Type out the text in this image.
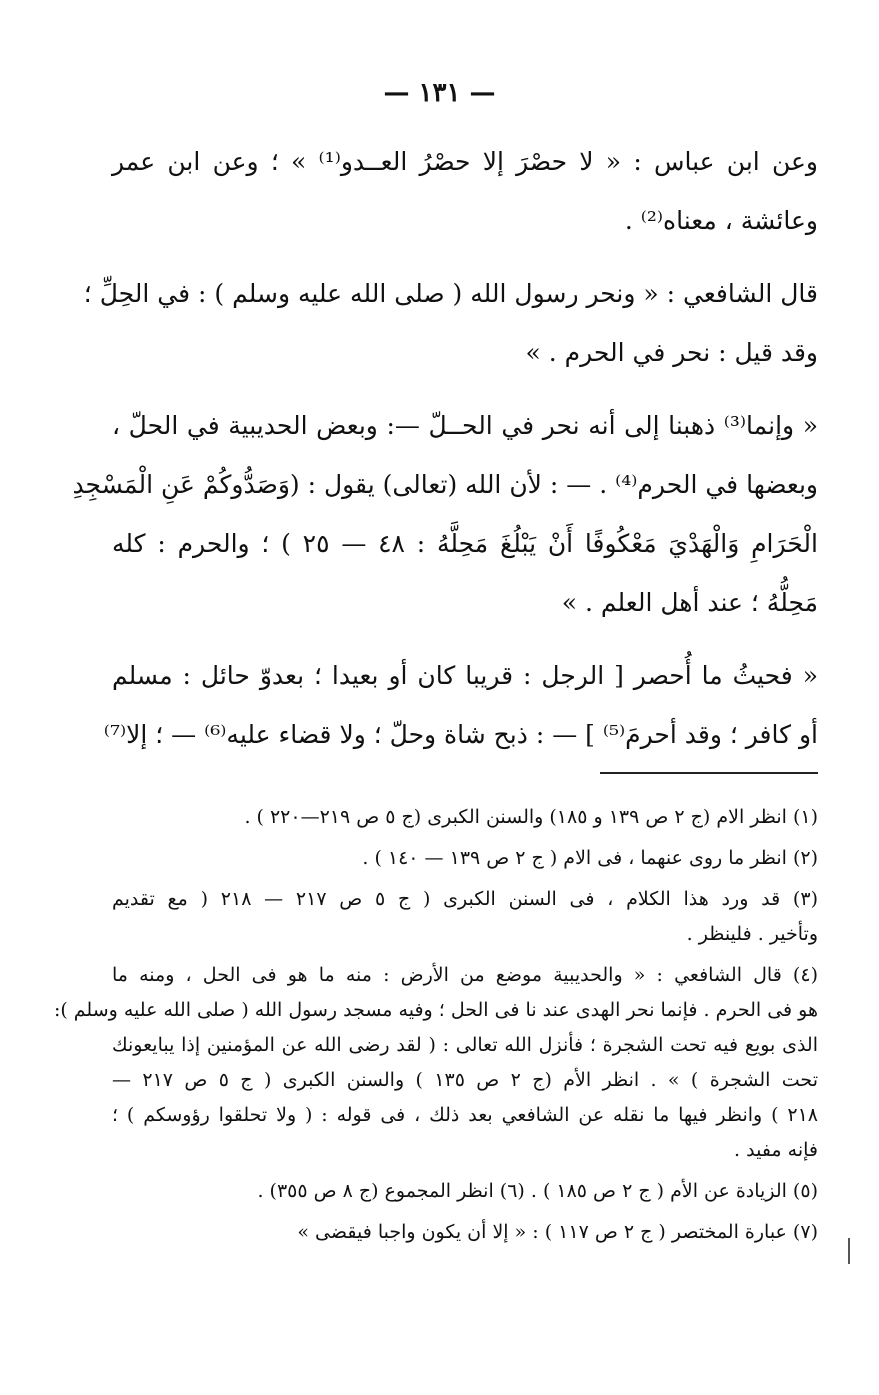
— ١٣١ —

وعن ابن عباس : « لا حصْرَ إلا حصْرُ العــدو⁽¹⁾ » ؛ وعن ابن عمر
وعائشة ، معناه⁽²⁾ .

قال الشافعي : « ونحر رسول الله ( صلى الله عليه وسلم ) : في الحِلِّ ؛
وقد قيل : نحر في الحرم . »

« وإنما⁽³⁾ ذهبنا إلى أنه نحر في الحــلّ —: وبعض الحديبية في الحلّ ،
وبعضها في الحرم⁽⁴⁾ . — : لأن الله (تعالى) يقول : (وَصَدُّوكُمْ عَنِ الْمَسْجِدِ
الْحَرَامِ وَالْهَدْيَ مَعْكُوفًا أَنْ يَبْلُغَ مَحِلَّهُ : ٤٨ — ٢٥ ) ؛ والحرم : كله
مَحِلُّهُ ؛ عند أهل العلم . »

« فحيثُ ما أُحصر [ الرجل : قريبا كان أو بعيدا ؛ بعدوّ حائل : مسلم
أو كافر ؛ وقد أحرمَ⁽⁵⁾ ] — : ذبح شاة وحلّ ؛ ولا قضاء عليه⁽⁶⁾ — ؛ إلا⁽⁷⁾

(١) انظر الام (ج ٢ ص ١٣٩ و ١٨٥) والسنن الكبرى (ج ٥ ص ٢١٩—٢٢٠ ) .
(٢) انظر ما روى عنهما ، فى الام ( ج ٢ ص ١٣٩ — ١٤٠ ) .
(٣) قد ورد هذا الكلام ، فى السنن الكبرى ( ج ٥ ص ٢١٧ — ٢١٨ ( مع تقديم
وتأخير . فلينظر .
(٤) قال الشافعي : « والحديبية موضع من الأرض : منه ما هو فى الحل ، ومنه ما
هو فى الحرم . فإنما نحر الهدى عند نا فى الحل ؛ وفيه مسجد رسول الله ( صلى الله عليه وسلم ):
الذى بويع فيه تحت الشجرة ؛ فأنزل الله تعالى : ( لقد رضى الله عن المؤمنين إذا يبايعونك
تحت الشجرة ) » . انظر الأم (ج ٢ ص ١٣٥ ) والسنن الكبرى ( ج ٥ ص ٢١٧ —
٢١٨ ) وانظر فيها ما نقله عن الشافعي بعد ذلك ، فى قوله : ( ولا تحلقوا رؤوسكم ) ؛
فإنه مفيد .
(٥) الزيادة عن الأم ( ج ٢ ص ١٨٥ ) . (٦) انظر المجموع (ج ٨ ص ٣٥٥) .
(٧) عبارة المختصر ( ج ٢ ص ١١٧ ) : « إلا أن يكون واجبا فيقضى »
